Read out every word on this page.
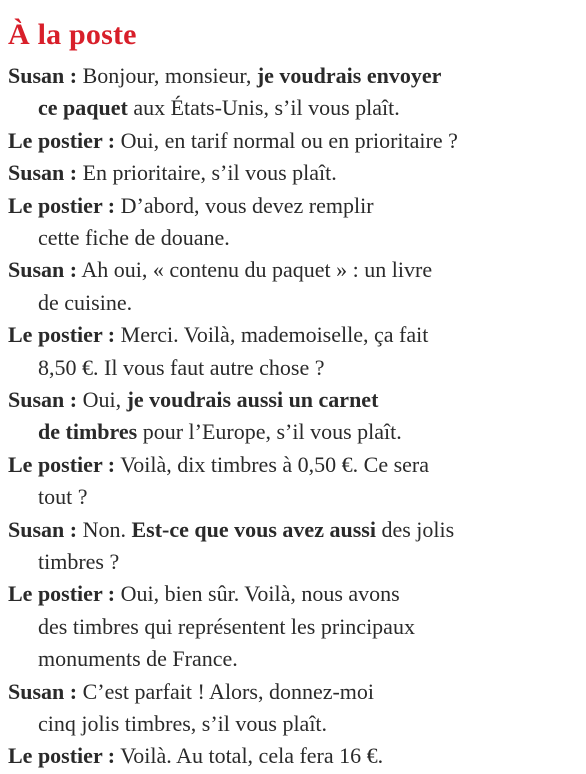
À la poste
Susan : Bonjour, monsieur, je voudrais envoyer
ce paquet aux États-Unis, s’il vous plaît.
Le postier : Oui, en tarif normal ou en prioritaire ?
Susan : En prioritaire, s’il vous plaît.
Le postier : D’abord, vous devez remplir
cette fiche de douane.
Susan : Ah oui, « contenu du paquet » : un livre
de cuisine.
Le postier : Merci. Voilà, mademoiselle, ça fait
8,50 €. Il vous faut autre chose ?
Susan : Oui, je voudrais aussi un carnet
de timbres pour l’Europe, s’il vous plaît.
Le postier : Voilà, dix timbres à 0,50 €. Ce sera
tout ?
Susan : Non. Est-ce que vous avez aussi des jolis
timbres ?
Le postier : Oui, bien sûr. Voilà, nous avons
des timbres qui représentent les principaux
monuments de France.
Susan : C’est parfait ! Alors, donnez-moi
cinq jolis timbres, s’il vous plaît.
Le postier : Voilà. Au total, cela fera 16 €.
